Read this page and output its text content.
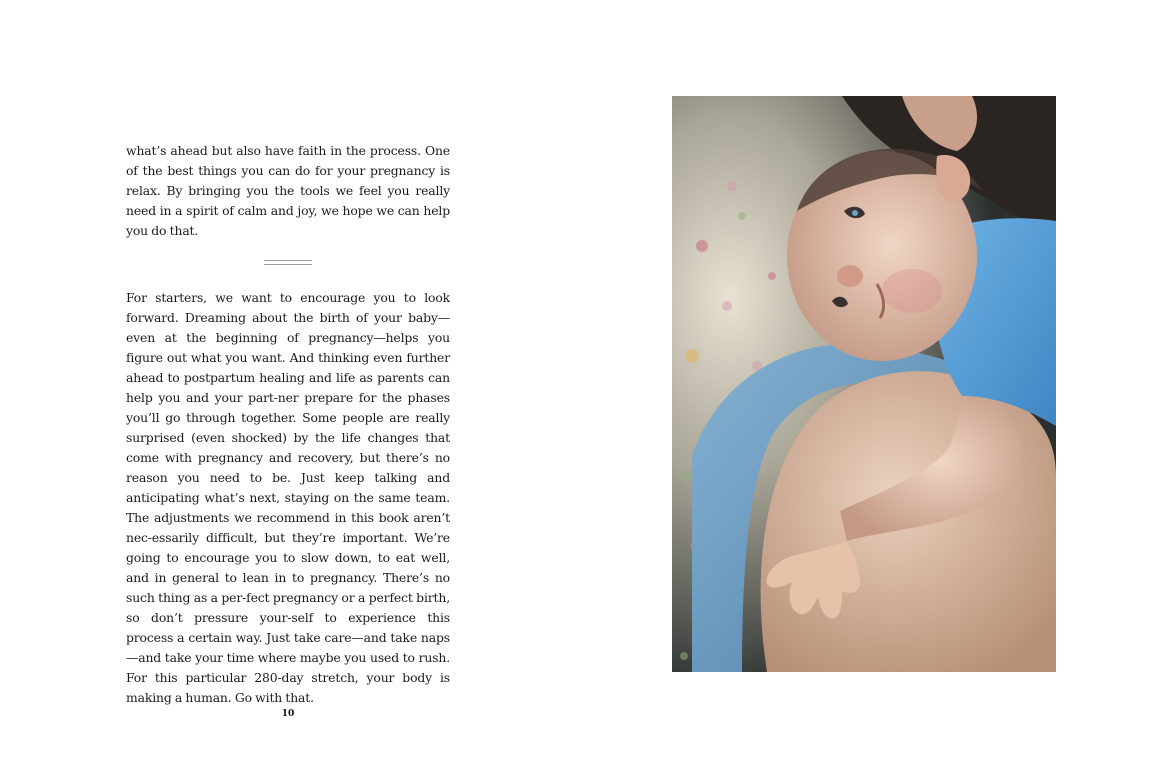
what’s ahead but also have faith in the process. One of the best things you can do for your pregnancy is relax. By bringing you the tools we feel you really need in a spirit of calm and joy, we hope we can help you do that.

For starters, we want to encourage you to look forward. Dreaming about the birth of your baby—even at the beginning of pregnancy—helps you figure out what you want. And thinking even further ahead to postpartum healing and life as parents can help you and your part-ner prepare for the phases you’ll go through together. Some people are really surprised (even shocked) by the life changes that come with pregnancy and recovery, but there’s no reason you need to be. Just keep talking and anticipating what’s next, staying on the same team. The adjustments we recommend in this book aren’t nec-essarily difficult, but they’re important. We’re going to encourage you to slow down, to eat well, and in general to lean in to pregnancy. There’s no such thing as a per-fect pregnancy or a perfect birth, so don’t pressure your-self to experience this process a certain way. Just take care—and take naps—and take your time where maybe you used to rush. For this particular 280-day stretch, your body is making a human. Go with that.

10
